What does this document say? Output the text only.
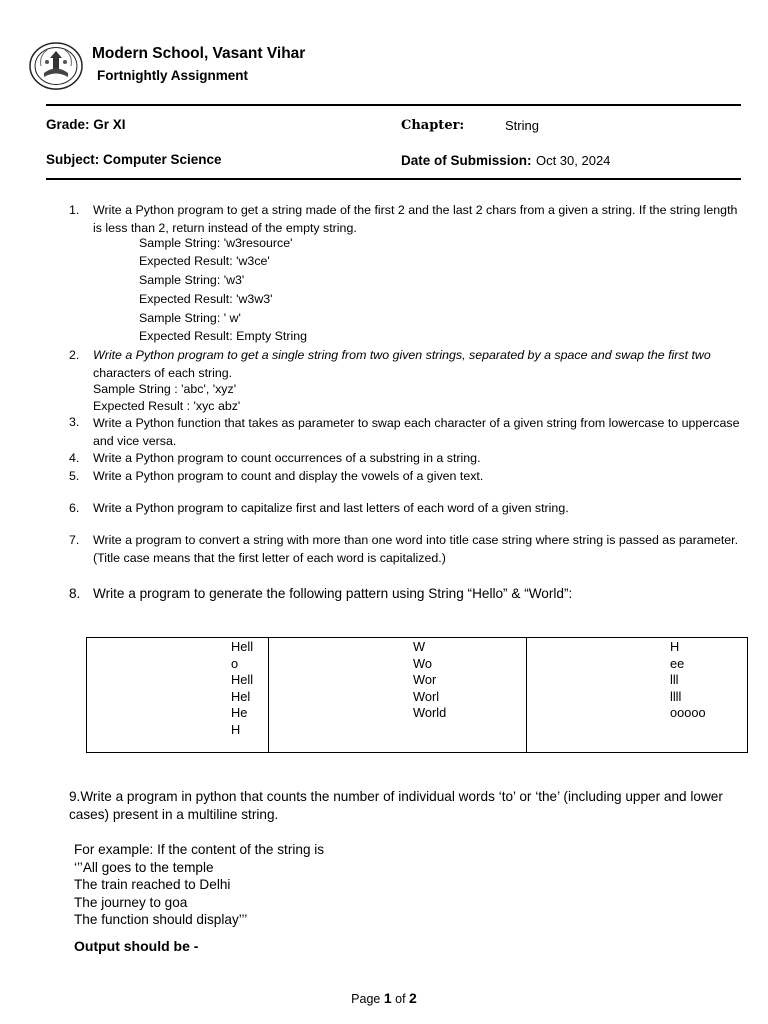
Modern School, Vasant Vihar
Fortnightly Assignment
Grade: Gr XI	Chapter:	String
Subject: Computer Science	Date of Submission: Oct 30, 2024
1. Write a Python program to get a string made of the first 2 and the last 2 chars from a given a string. If the string length is less than 2, return instead of the empty string.
Sample String: 'w3resource'
Expected Result: 'w3ce'
Sample String: 'w3'
Expected Result: 'w3w3'
Sample String: ' w'
Expected Result: Empty String
2. Write a Python program to get a single string from two given strings, separated by a space and swap the first two characters of each string.
Sample String : 'abc', 'xyz'
Expected Result : 'xyc abz'
3. Write a Python function that takes as parameter to swap each character of a given string from lowercase to uppercase and vice versa.
4. Write a Python program to count occurrences of a substring in a string.
5. Write a Python program to count and display the vowels of a given text.
6. Write a Python program to capitalize first and last letters of each word of a given string.
7. Write a program to convert a string with more than one word into title case string where string is passed as parameter. (Title case means that the first letter of each word is capitalized.)
8. Write a program to generate the following pattern using String “Hello” & “World”:
Hell
o
Hell
Hel
He
H

W
Wo
Wor
Worl
World

H
ee
lll
llll
ooooo
9.Write a program in python that counts the number of individual words ‘to’ or ‘the’ (including upper and lower cases) present in a multiline string.
For example: If the content of the string is
‘’’All goes to the temple
The train reached to Delhi
The journey to goa
The function should display’’’
Output should be -
Page 1 of 2
